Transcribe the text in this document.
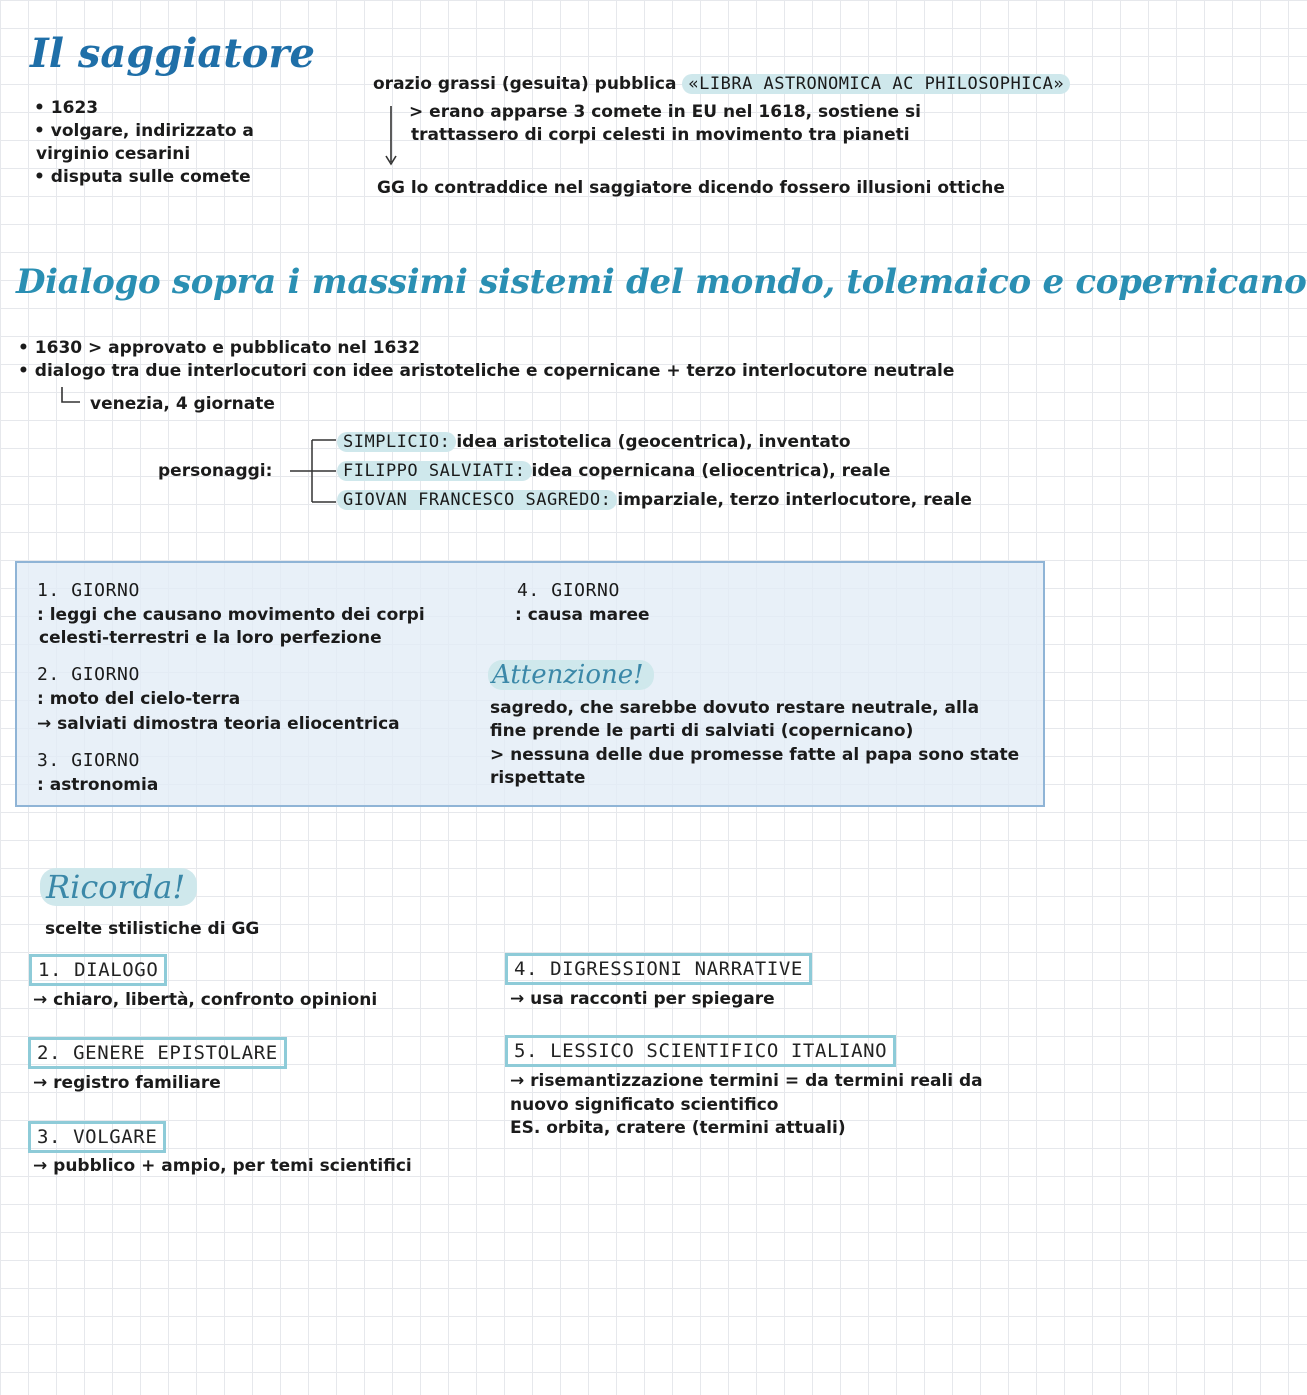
Il saggiatore
• 1623
• volgare, indirizzato a
virginio cesarini
• disputa sulle comete
orazio grassi (gesuita) pubblica «LIBRA ASTRONOMICA AC PHILOSOPHICA»
> erano apparse 3 comete in EU nel 1618, sostiene si
trattassero di corpi celesti in movimento tra pianeti
GG lo contraddice nel saggiatore dicendo fossero illusioni ottiche
Dialogo sopra i massimi sistemi del mondo, tolemaico e copernicano
• 1630 > approvato e pubblicato nel 1632
• dialogo tra due interlocutori con idee aristoteliche e copernicane + terzo interlocutore neutrale
venezia, 4 giornate
personaggi:
SIMPLICIO: idea aristotelica (geocentrica), inventato
FILIPPO SALVIATI: idea copernicana (eliocentrica), reale
GIOVAN FRANCESCO SAGREDO: imparziale, terzo interlocutore, reale
1. GIORNO
: leggi che causano movimento dei corpi
celesti-terrestri e la loro perfezione
2. GIORNO
: moto del cielo-terra
→ salviati dimostra teoria eliocentrica
3. GIORNO
: astronomia
4. GIORNO
: causa maree
Attenzione!
sagredo, che sarebbe dovuto restare neutrale, alla
fine prende le parti di salviati (copernicano)
> nessuna delle due promesse fatte al papa sono state
rispettate
Ricorda!
scelte stilistiche di GG
1. DIALOGO
→ chiaro, libertà, confronto opinioni
2. GENERE EPISTOLARE
→ registro familiare
3. VOLGARE
→ pubblico + ampio, per temi scientifici
4. DIGRESSIONI NARRATIVE
→ usa racconti per spiegare
5. LESSICO SCIENTIFICO ITALIANO
→ risemantizzazione termini = da termini reali da
nuovo significato scientifico
ES. orbita, cratere (termini attuali)
